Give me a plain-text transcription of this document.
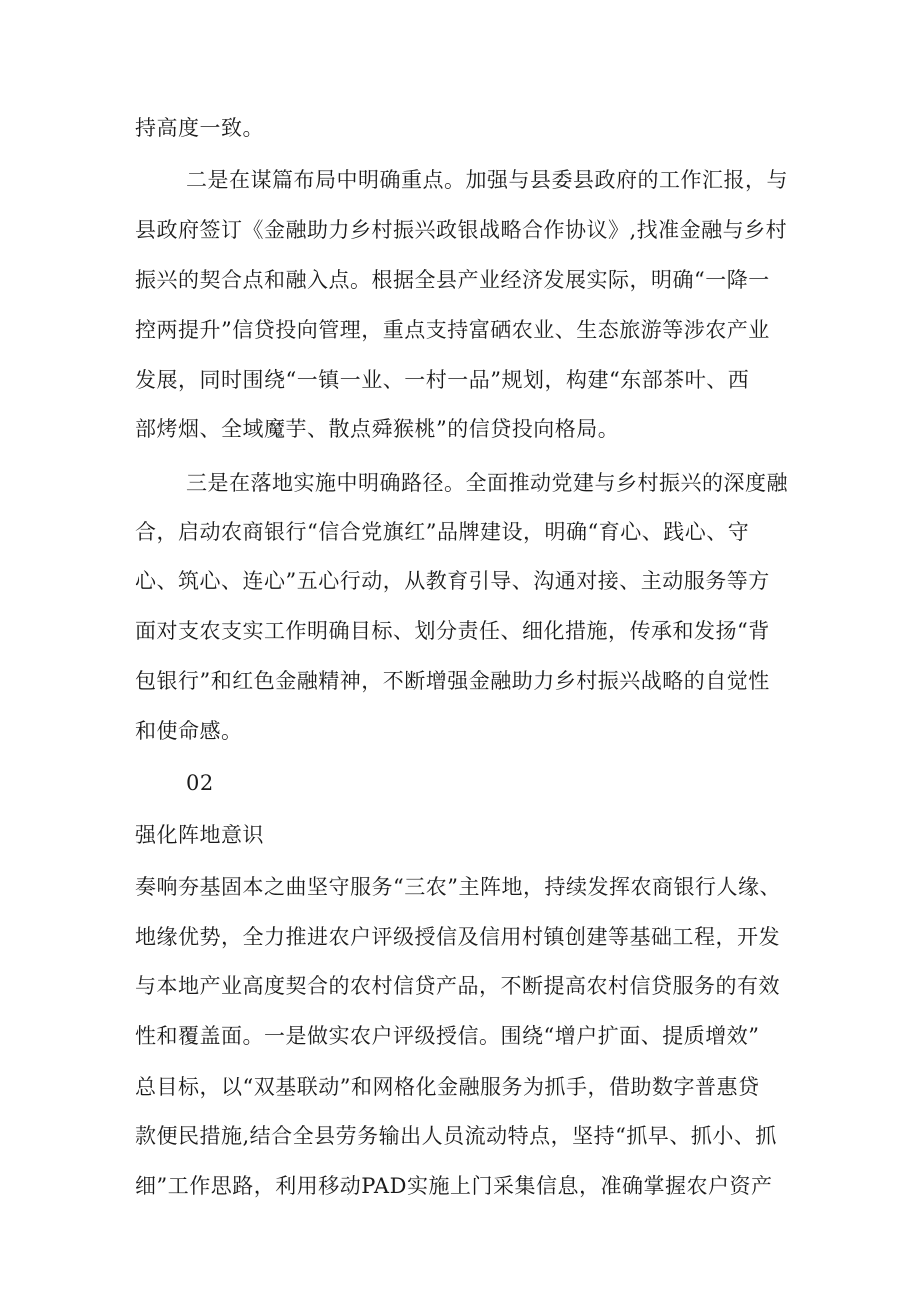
持高度一致。
二是在谋篇布局中明确重点。加强与县委县政府的工作汇报，与
县政府签订《金融助力乡村振兴政银战略合作协议》,找准金融与乡村
振兴的契合点和融入点。根据全县产业经济发展实际，明确“一降一
控两提升”信贷投向管理，重点支持富硒农业、生态旅游等涉农产业
发展，同时围绕“一镇一业、一村一品”规划，构建“东部茶叶、西
部烤烟、全域魔芋、散点舜猴桃”的信贷投向格局。
三是在落地实施中明确路径。全面推动党建与乡村振兴的深度融
合，启动农商银行“信合党旗红”品牌建设，明确“育心、践心、守
心、筑心、连心”五心行动，从教育引导、沟通对接、主动服务等方
面对支农支实工作明确目标、划分责任、细化措施，传承和发扬“背
包银行”和红色金融精神，不断增强金融助力乡村振兴战略的自觉性
和使命感。
02
强化阵地意识
奏响夯基固本之曲坚守服务“三农”主阵地，持续发挥农商银行人缘、
地缘优势，全力推进农户评级授信及信用村镇创建等基础工程，开发
与本地产业高度契合的农村信贷产品，不断提高农村信贷服务的有效
性和覆盖面。一是做实农户评级授信。围绕“增户扩面、提质增效”
总目标，以“双基联动”和网格化金融服务为抓手，借助数字普惠贷
款便民措施,结合全县劳务输出人员流动特点，坚持“抓早、抓小、抓
细”工作思路，利用移动PAD实施上门采集信息，准确掌握农户资产
